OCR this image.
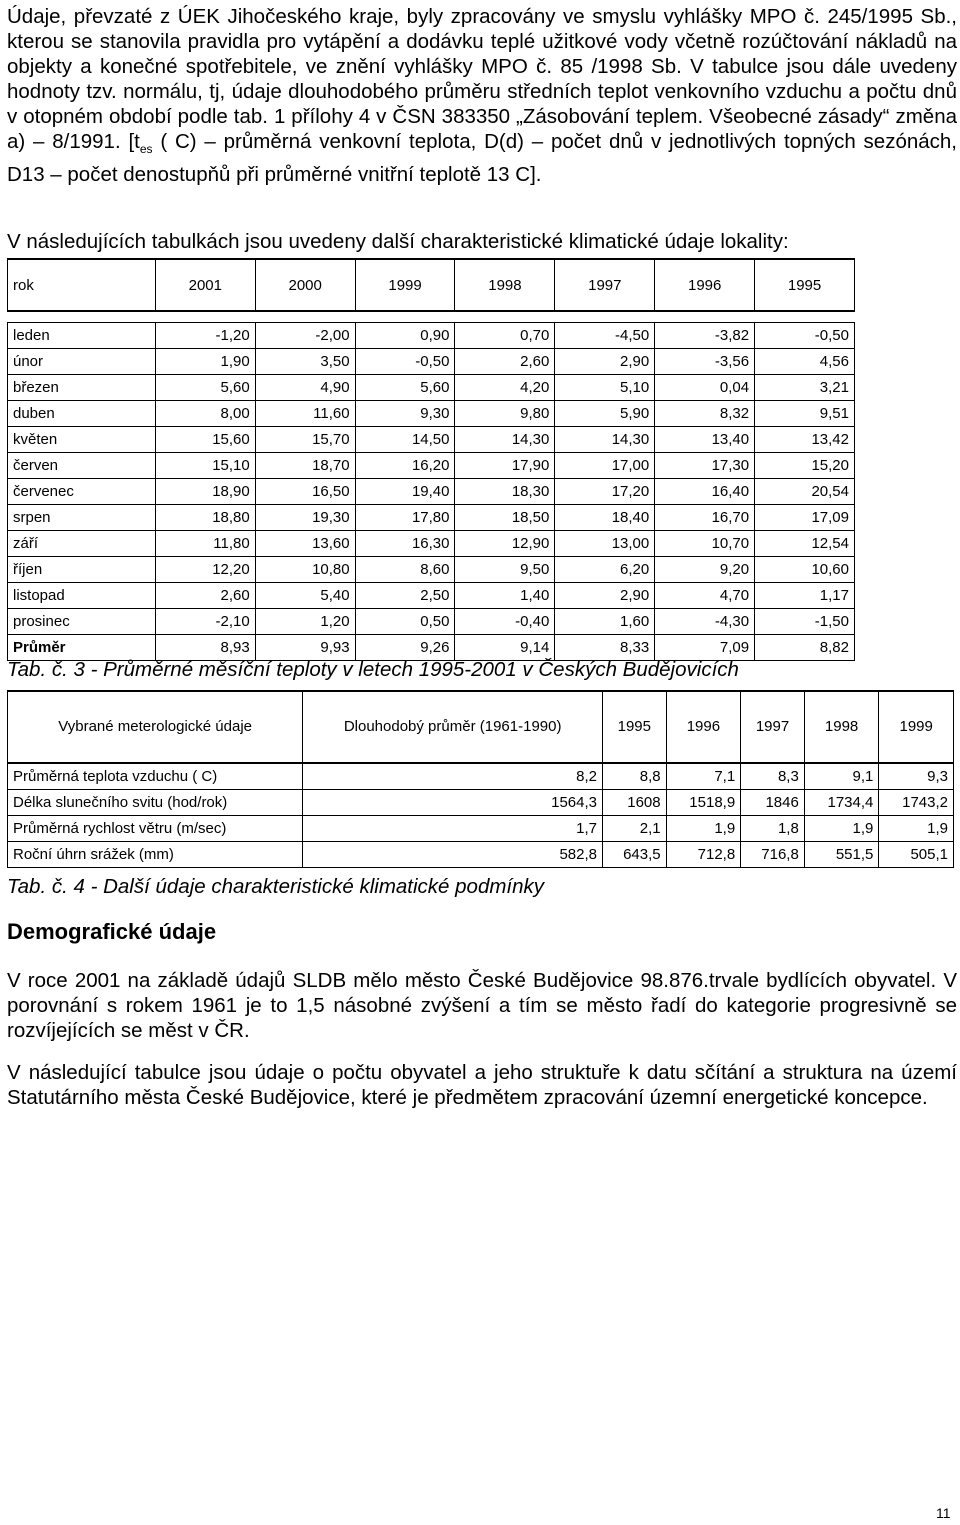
Údaje, převzaté z ÚEK Jihočeského kraje, byly zpracovány ve smyslu vyhlášky MPO č. 245/1995 Sb., kterou se stanovila pravidla pro vytápění a dodávku teplé užitkové vody včetně rozúčtování nákladů na objekty a konečné spotřebitele, ve znění vyhlášky MPO č. 85 /1998 Sb. V tabulce jsou dále uvedeny hodnoty tzv. normálu, tj, údaje dlouhodobého průměru středních teplot venkovního vzduchu a počtu dnů v otopném období podle tab. 1 přílohy 4 v ČSN 383350 „Zásobování teplem. Všeobecné zásady“ změna a) – 8/1991. [$t_{es}$ ( C) – průměrná venkovní teplota, D(d) – počet dnů v jednotlivých topných sezónách, D13 – počet denostupňů při průměrné vnitřní teplotě 13 C].

V následujících tabulkách jsou uvedeny další charakteristické klimatické údaje lokality:

rok	2001	2000	1999	1998	1997	1996	1995

leden	-1,20	-2,00	0,90	0,70	-4,50	-3,82	-0,50
únor	1,90	3,50	-0,50	2,60	2,90	-3,56	4,56
březen	5,60	4,90	5,60	4,20	5,10	0,04	3,21
duben	8,00	11,60	9,30	9,80	5,90	8,32	9,51
květen	15,60	15,70	14,50	14,30	14,30	13,40	13,42
červen	15,10	18,70	16,20	17,90	17,00	17,30	15,20
červenec	18,90	16,50	19,40	18,30	17,20	16,40	20,54
srpen	18,80	19,30	17,80	18,50	18,40	16,70	17,09
září	11,80	13,60	16,30	12,90	13,00	10,70	12,54
říjen	12,20	10,80	8,60	9,50	6,20	9,20	10,60
listopad	2,60	5,40	2,50	1,40	2,90	4,70	1,17
prosinec	-2,10	1,20	0,50	-0,40	1,60	-4,30	-1,50
Průměr	8,93	9,93	9,26	9,14	8,33	7,09	8,82
Tab. č. 3 - Průměrné měsíční teploty v letech 1995-2001 v Českých Budějovicích
Vybrané meterologické údaje	Dlouhodobý průměr (1961-1990)	1995	1996	1997	1998	1999
Průměrná teplota vzduchu ( C)	8,2	8,8	7,1	8,3	9,1	9,3
Délka slunečního svitu (hod/rok)	1564,3	1608	1518,9	1846	1734,4	1743,2
Průměrná rychlost větru (m/sec)	1,7	2,1	1,9	1,8	1,9	1,9
Roční úhrn srážek (mm)	582,8	643,5	712,8	716,8	551,5	505,1
Tab. č. 4 - Další údaje charakteristické klimatické podmínky
Demografické údaje

V roce 2001 na základě údajů SLDB mělo město České Budějovice 98.876.trvale bydlících obyvatel. V porovnání s rokem 1961 je to 1,5 násobné zvýšení a tím se město řadí do kategorie progresivně se rozvíjejících se měst v ČR.

V následující tabulce jsou údaje o počtu obyvatel a jeho struktuře k datu sčítání a struktura na území Statutárního města České Budějovice, které je předmětem zpracování územní energetické koncepce.

11
